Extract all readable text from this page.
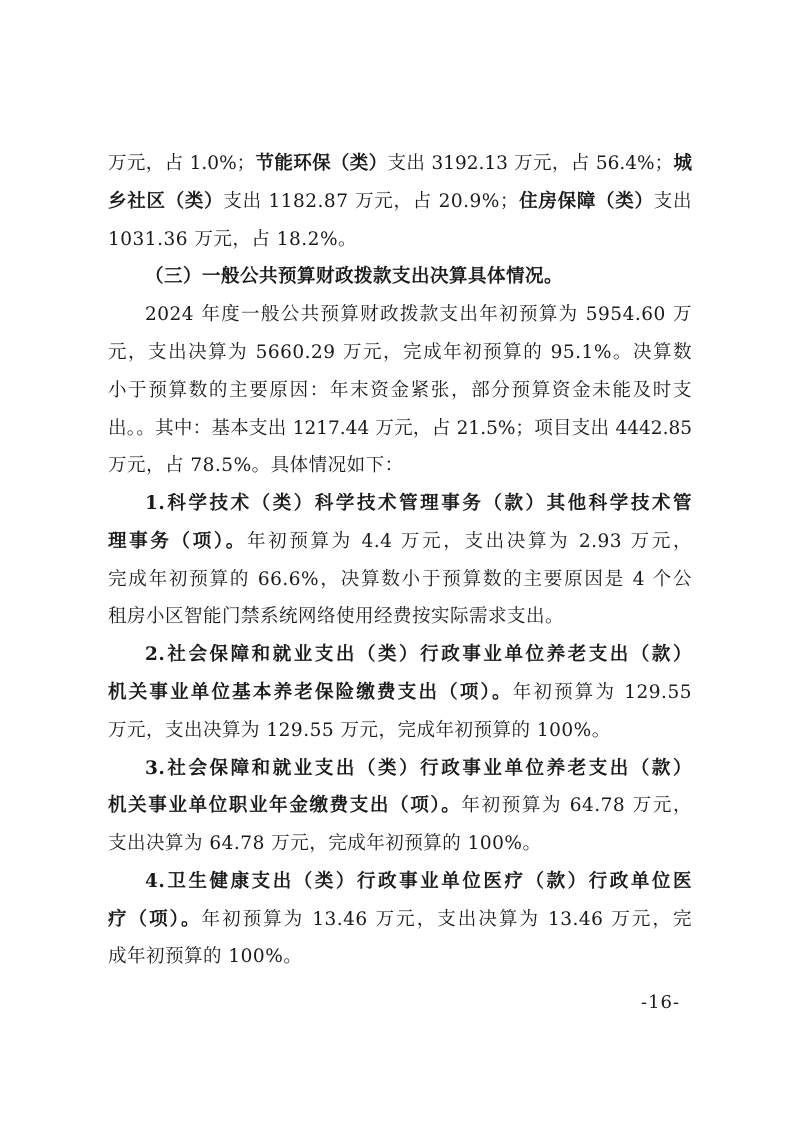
万元，占 1.0%；节能环保（类）支出 3192.13 万元，占 56.4%；城
乡社区（类）支出 1182.87 万元，占 20.9%；住房保障（类）支出
1031.36 万元，占 18.2%。
（三）一般公共预算财政拨款支出决算具体情况。
2024 年度一般公共预算财政拨款支出年初预算为 5954.60 万
元，支出决算为 5660.29 万元，完成年初预算的 95.1%。决算数
小于预算数的主要原因：年末资金紧张，部分预算资金未能及时支
出。。其中：基本支出 1217.44 万元，占 21.5%；项目支出 4442.85
万元，占 78.5%。具体情况如下：
1.科学技术（类）科学技术管理事务（款）其他科学技术管
理事务（项）。年初预算为 4.4 万元，支出决算为 2.93 万元，
完成年初预算的 66.6%，决算数小于预算数的主要原因是 4 个公
租房小区智能门禁系统网络使用经费按实际需求支出。
2.社会保障和就业支出（类）行政事业单位养老支出（款）
机关事业单位基本养老保险缴费支出（项）。年初预算为 129.55
万元，支出决算为 129.55 万元，完成年初预算的 100%。
3.社会保障和就业支出（类）行政事业单位养老支出（款）
机关事业单位职业年金缴费支出（项）。年初预算为 64.78 万元，
支出决算为 64.78 万元，完成年初预算的 100%。
4.卫生健康支出（类）行政事业单位医疗（款）行政单位医
疗（项）。年初预算为 13.46 万元，支出决算为 13.46 万元，完
成年初预算的 100%。
-16-
